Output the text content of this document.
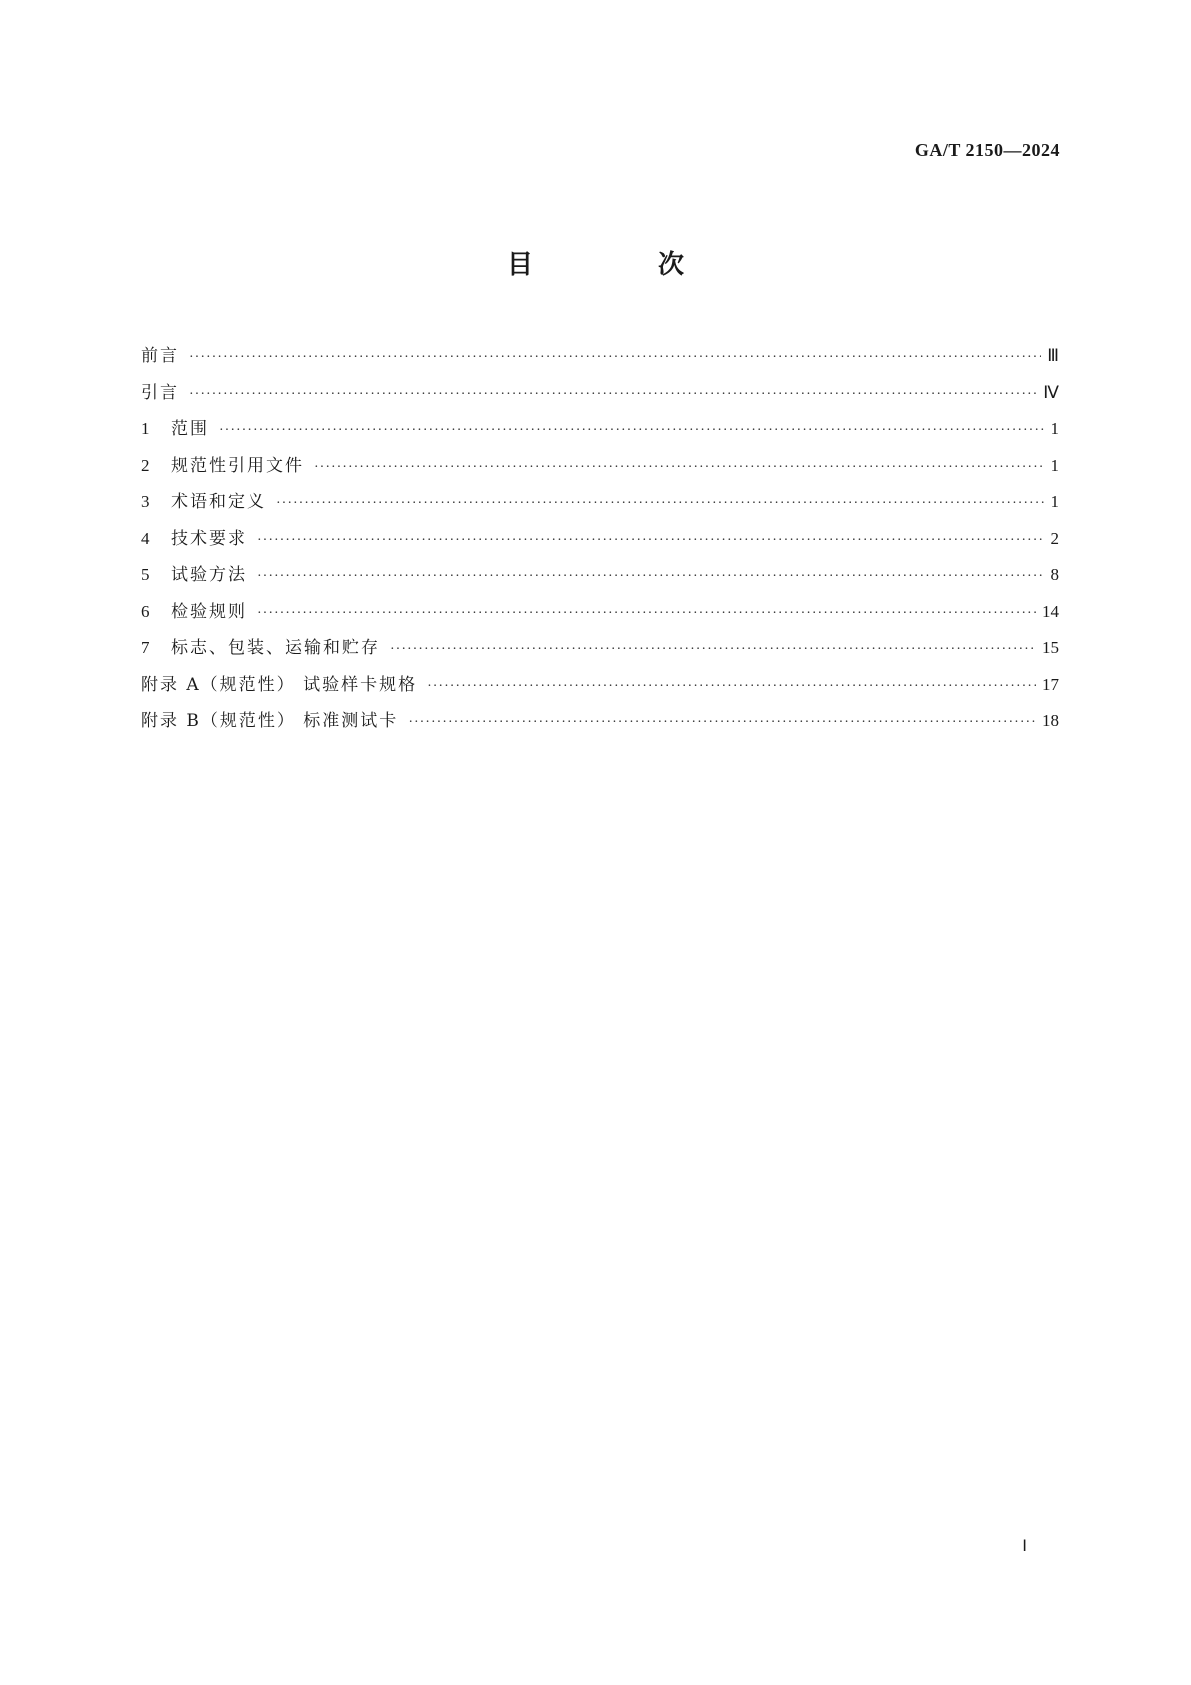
GA/T 2150—2024
目 次
前言 ·····	Ⅲ
引言 ·····	Ⅳ
1	范围 ·····	1
2	规范性引用文件 ·····	1
3	术语和定义 ·····	1
4	技术要求 ·····	2
5	试验方法 ·····	8
6	检验规则 ·····	14
7	标志、包装、运输和贮存 ·····	15
附录 A（规范性） 试验样卡规格 ·····	17
附录 B（规范性） 标准测试卡 ·····	18
Ⅰ
